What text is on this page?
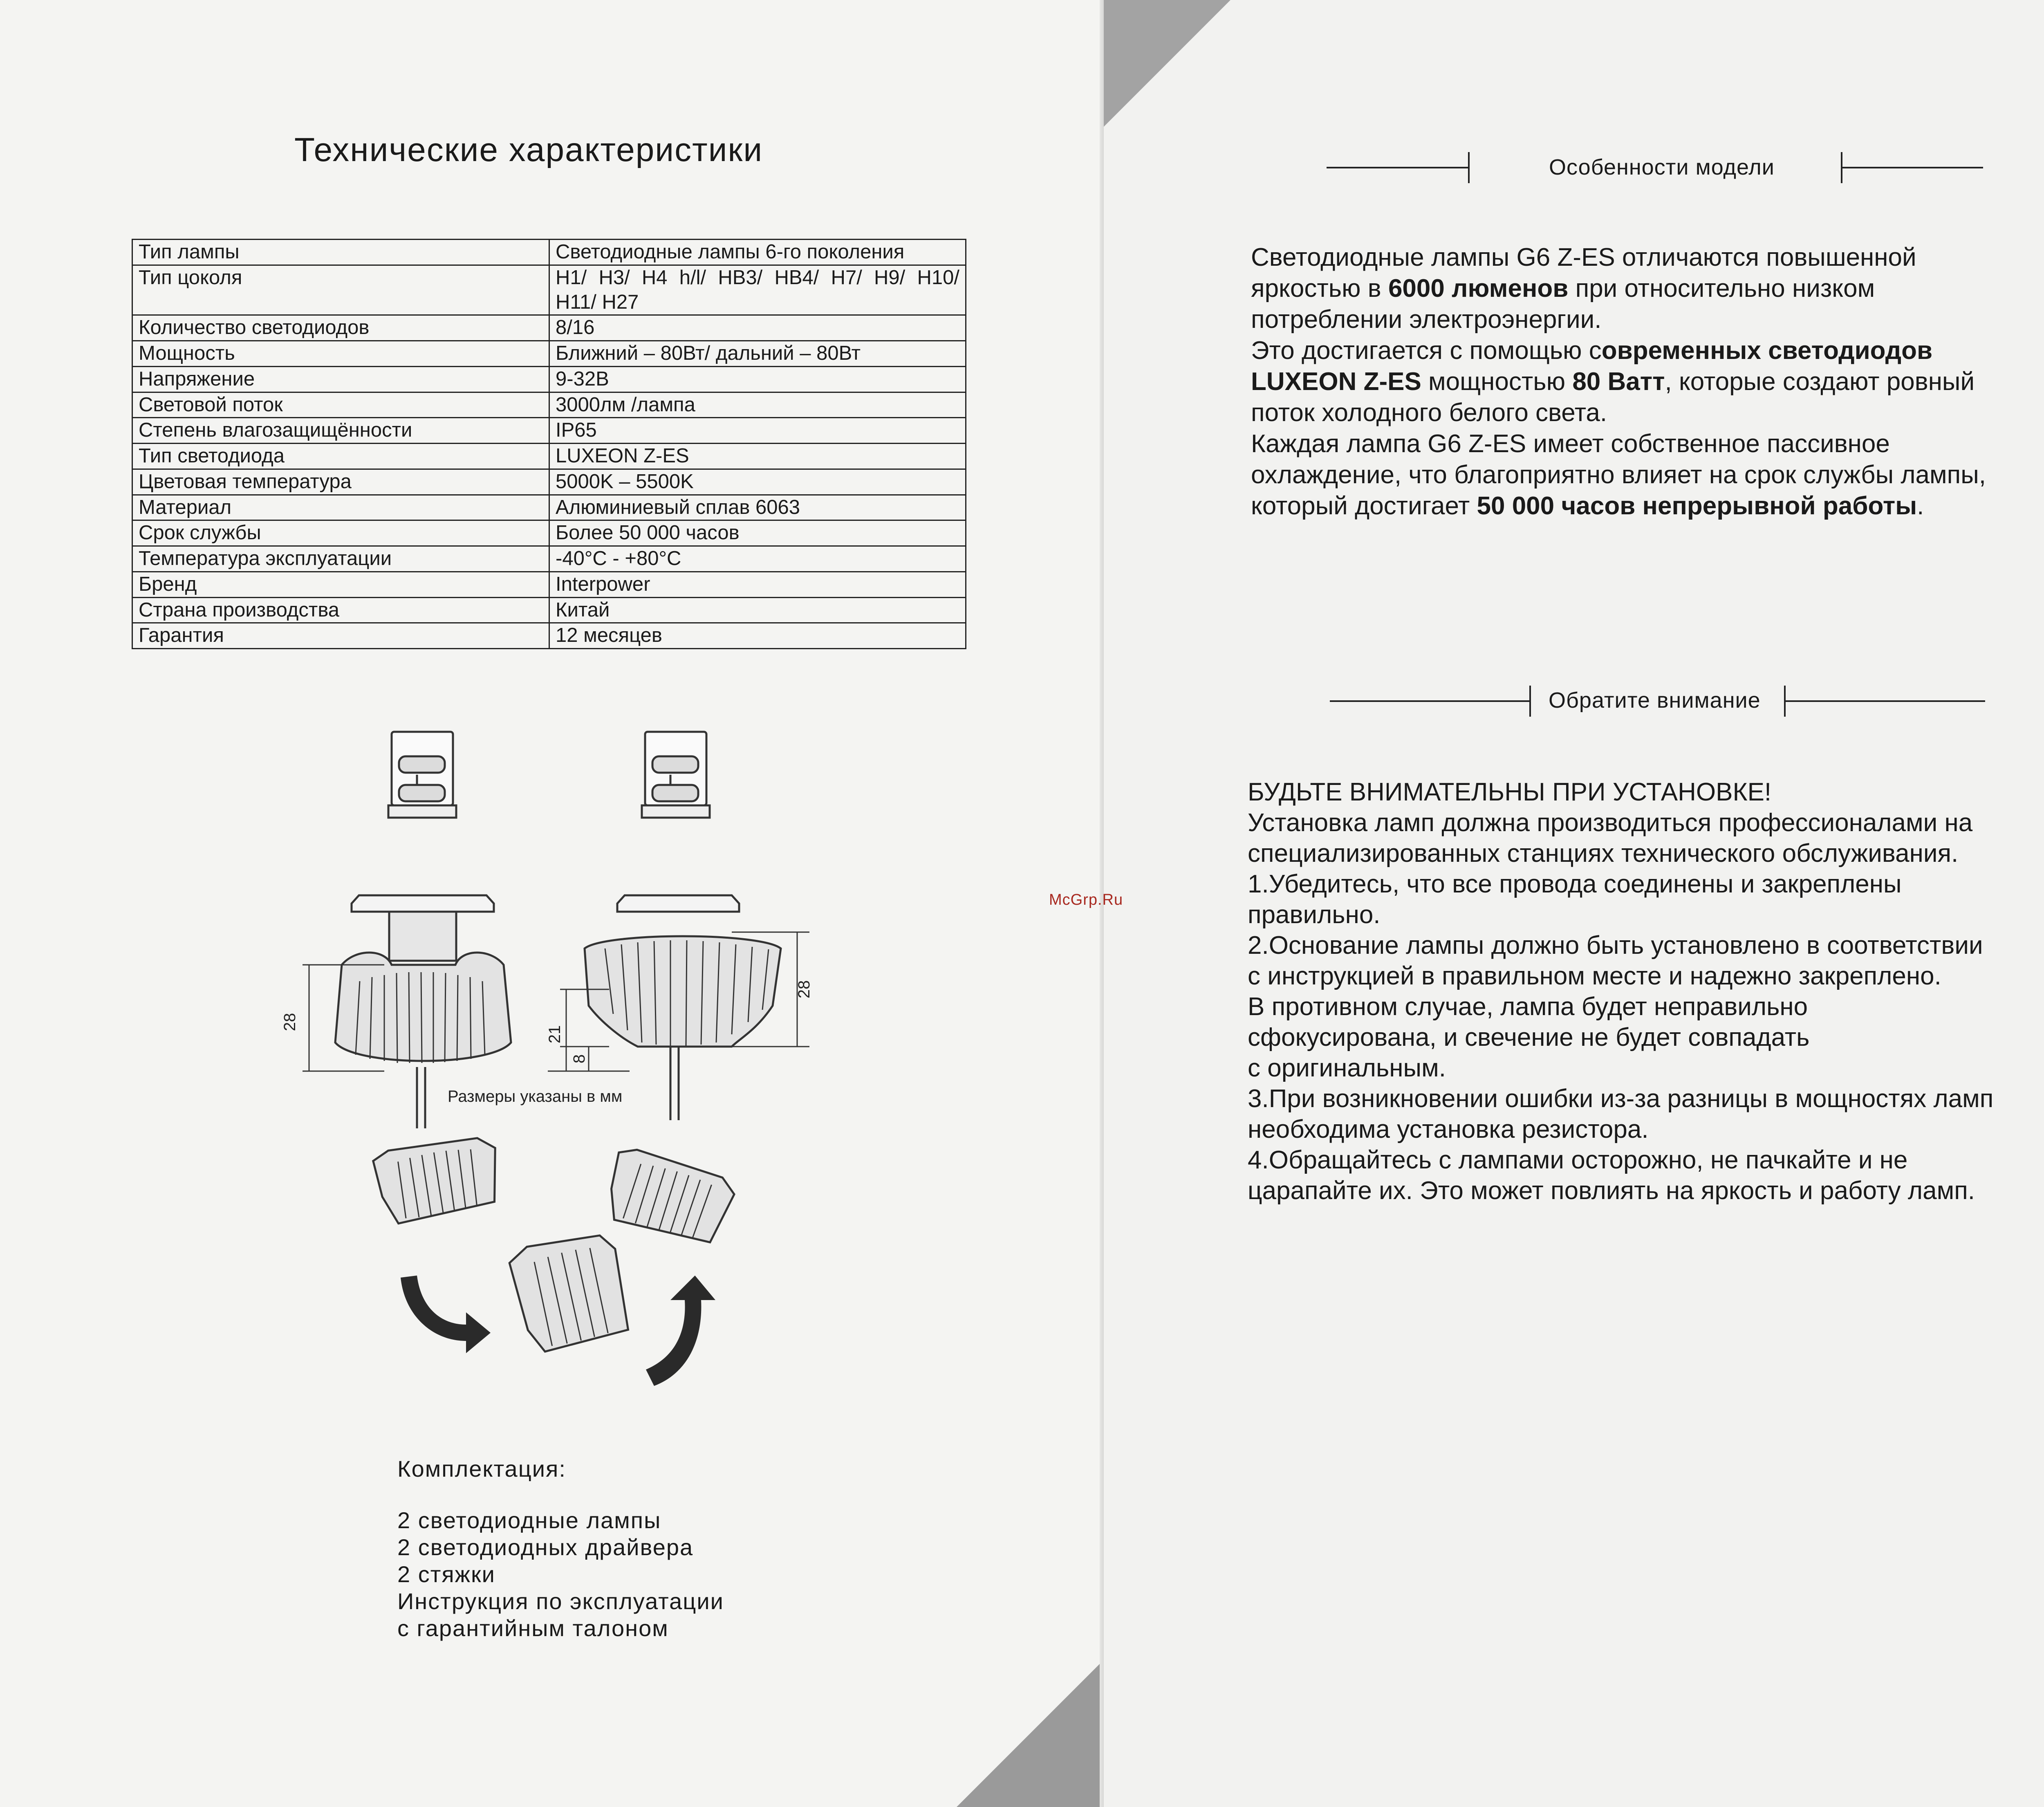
Технические характеристики
Тип лампы	Светодиодные лампы 6-го поколения

Тип цоколя	H1/ H3/ H4 h/l/ HB3/ HB4/ H7/ H9/ H10/
H11/ H27

Количество светодиодов	8/16

Мощность	Ближний – 80Вт/ дальний – 80Вт

Напряжение	9-32В

Световой поток	3000лм /лампа

Степень влагозащищённости	IP65

Тип светодиода	LUXEON Z-ES

Цветовая температура	5000K – 5500K

Материал	Алюминиевый сплав 6063

Срок службы	Более 50 000 часов

Температура эксплуатации	-40°C - +80°C

Бренд	Interpower

Страна производства	Китай

Гарантия	12 месяцев
28
21
8
28
Размеры указаны в мм
Комплектация:
2 светодиодные лампы
2 светодиодных драйвера
2 стяжки
Инструкция по эксплуатации
с гарантийным талоном
Особенности модели

Светодиодные лампы G6 Z-ES отличаются повышенной

яркостью в 6000 люменов при относительно низком

потреблении электроэнергии.

Это достигается с помощью современных светодиодов

LUXEON Z-ES мощностью 80 Ватт, которые создают ровный

поток холодного белого света.

Каждая лампа G6 Z-ES имеет собственное пассивное

охлаждение, что благоприятно влияет на срок службы лампы,

который достигает 50 000 часов непрерывной работы.

Обратите внимание

БУДЬТЕ ВНИМАТЕЛЬНЫ ПРИ УСТАНОВКЕ!

Установка ламп должна производиться профессионалами на

специализированных станциях технического обслуживания.

1.Убедитесь, что все провода соединены и закреплены

правильно.

2.Основание лампы должно быть установлено в соответствии

с инструкцией в правильном месте и надежно закреплено.

В противном случае, лампа будет неправильно

сфокусирована, и свечение не будет совпадать

с оригинальным.

3.При возникновении ошибки из-за разницы в мощностях ламп

необходима установка резистора.

4.Обращайтесь с лампами осторожно, не пачкайте и не

царапайте их. Это может повлиять на яркость и работу ламп.

McGrp.Ru
